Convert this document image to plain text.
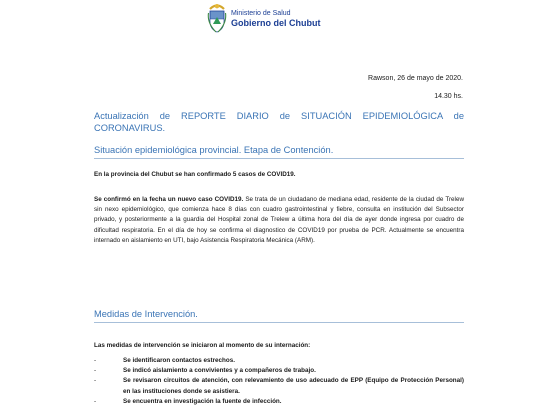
Ministerio de Salud
Gobierno del Chubut
Rawson, 26 de mayo de 2020.
14.30 hs.
Actualización de REPORTE DIARIO de SITUACIÓN EPIDEMIOLÓGICA de CORONAVIRUS.
Situación epidemiológica provincial. Etapa de Contención.
En la provincia del Chubut se han confirmado 5 casos de COVID19.

Se confirmó en la fecha un nuevo caso COVID19. Se trata de un ciudadano de mediana edad, residente de la ciudad de Trelew sin nexo epidemiológico, que comienza hace 8 días con cuadro gastrointestinal y fiebre, consulta en institución del Subsector privado, y posteriormente a la guardia del Hospital zonal de Trelew a última hora del día de ayer donde ingresa por cuadro de dificultad respiratoria. En el día de hoy se confirma el diagnostico de COVID19 por prueba de PCR. Actualmente se encuentra internado en aislamiento en UTI, bajo Asistencia Respiratoria Mecánica (ARM).

Medidas de Intervención.
Las medidas de intervención se iniciaron al momento de su internación:
-	Se identificaron contactos estrechos.
-	Se indicó aislamiento a convivientes y a compañeros de trabajo.
-	Se revisaron circuitos de atención, con relevamiento de uso adecuado de EPP (Equipo de Protección Personal) en las instituciones donde se asistiera.
-	Se encuentra en investigación la fuente de infección.
